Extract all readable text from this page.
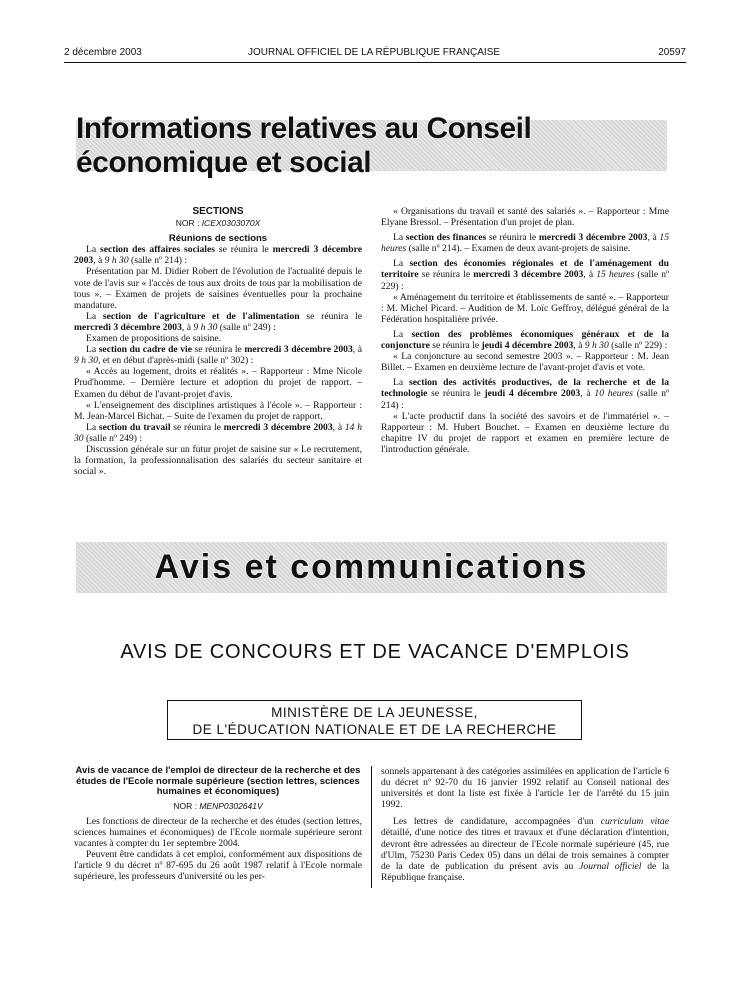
2 décembre 2003	JOURNAL OFFICIEL DE LA RÉPUBLIQUE FRANÇAISE	20597
Informations relatives au Conseil économique et social

SECTIONS

NOR : ICEX0303070X

Réunions de sections

La section des affaires sociales se réunira le mercredi 3 décembre 2003, à 9 h 30 (salle nº 214) :

Présentation par M. Didier Robert de l'évolution de l'actualité depuis le vote de l'avis sur « l'accès de tous aux droits de tous par la mobilisation de tous ». – Examen de projets de saisines éventuelles pour la prochaine mandature.

La section de l'agriculture et de l'alimentation se réunira le mercredi 3 décembre 2003, à 9 h 30 (salle nº 249) :

Examen de propositions de saisine.

La section du cadre de vie se réunira le mercredi 3 décembre 2003, à 9 h 30, et en début d'après-midi (salle nº 302) :

« Accès au logement, droits et réalités ». – Rapporteur : Mme Nicole Prud'homme. – Dernière lecture et adoption du projet de rapport. – Examen du début de l'avant-projet d'avis.

« L'enseignement des disciplines artistiques à l'école ». – Rapporteur : M. Jean-Marcel Bichat. – Suite de l'examen du projet de rapport.

La section du travail se réunira le mercredi 3 décembre 2003, à 14 h 30 (salle nº 249) :

Discussion générale sur un futur projet de saisine sur « Le recrutement, la formation, la professionnalisation des salariés du secteur sanitaire et social ».

« Organisations du travail et santé des salariés ». – Rapporteur : Mme Elyane Bressol. – Présentation d'un projet de plan.

La section des finances se réunira le mercredi 3 décembre 2003, à 15 heures (salle nº 214). – Examen de deux avant-projets de saisine.

La section des économies régionales et de l'aménagement du territoire se réunira le mercredi 3 décembre 2003, à 15 heures (salle nº 229) :

« Aménagement du territoire et établissements de santé ». – Rapporteur : M. Michel Picard. – Audition de M. Loïc Geffroy, délégué général de la Fédération hospitalière privée.

La section des problèmes économiques généraux et de la conjoncture se réunira le jeudi 4 décembre 2003, à 9 h 30 (salle nº 229) :

« La conjoncture au second semestre 2003 ». – Rapporteur : M. Jean Billet. – Examen en deuxième lecture de l'avant-projet d'avis et vote.

La section des activités productives, de la recherche et de la technologie se réunira le jeudi 4 décembre 2003, à 10 heures (salle nº 214) :

« L'acte productif dans la société des savoirs et de l'immatériel ». – Rapporteur : M. Hubert Bouchet. – Examen en deuxième lecture du chapitre IV du projet de rapport et examen en première lecture de l'introduction générale.

Avis et communications
AVIS DE CONCOURS ET DE VACANCE D'EMPLOIS
MINISTÈRE DE LA JEUNESSE,
DE L'ÉDUCATION NATIONALE ET DE LA RECHERCHE

Avis de vacance de l'emploi de directeur de la recherche et des études de l'Ecole normale supérieure (section lettres, sciences humaines et économiques)

NOR : MENP0302641V

Les fonctions de directeur de la recherche et des études (section lettres, sciences humaines et économiques) de l'Ecole normale supérieure seront vacantes à compter du 1er septembre 2004.

Peuvent être candidats à cet emploi, conformément aux dispositions de l'article 9 du décret nº 87-695 du 26 août 1987 relatif à l'Ecole normale supérieure, les professeurs d'université ou les per-

sonnels appartenant à des catégories assimilées en application de l'article 6 du décret nº 92-70 du 16 janvier 1992 relatif au Conseil national des universités et dont la liste est fixée à l'article 1er de l'arrêté du 15 juin 1992.

Les lettres de candidature, accompagnées d'un curriculum vitae détaillé, d'une notice des titres et travaux et d'une déclaration d'intention, devront être adressées au directeur de l'Ecole normale supérieure (45, rue d'Ulm, 75230 Paris Cedex 05) dans un délai de trois semaines à compter de la date de publication du présent avis au Journal officiel de la République française.
